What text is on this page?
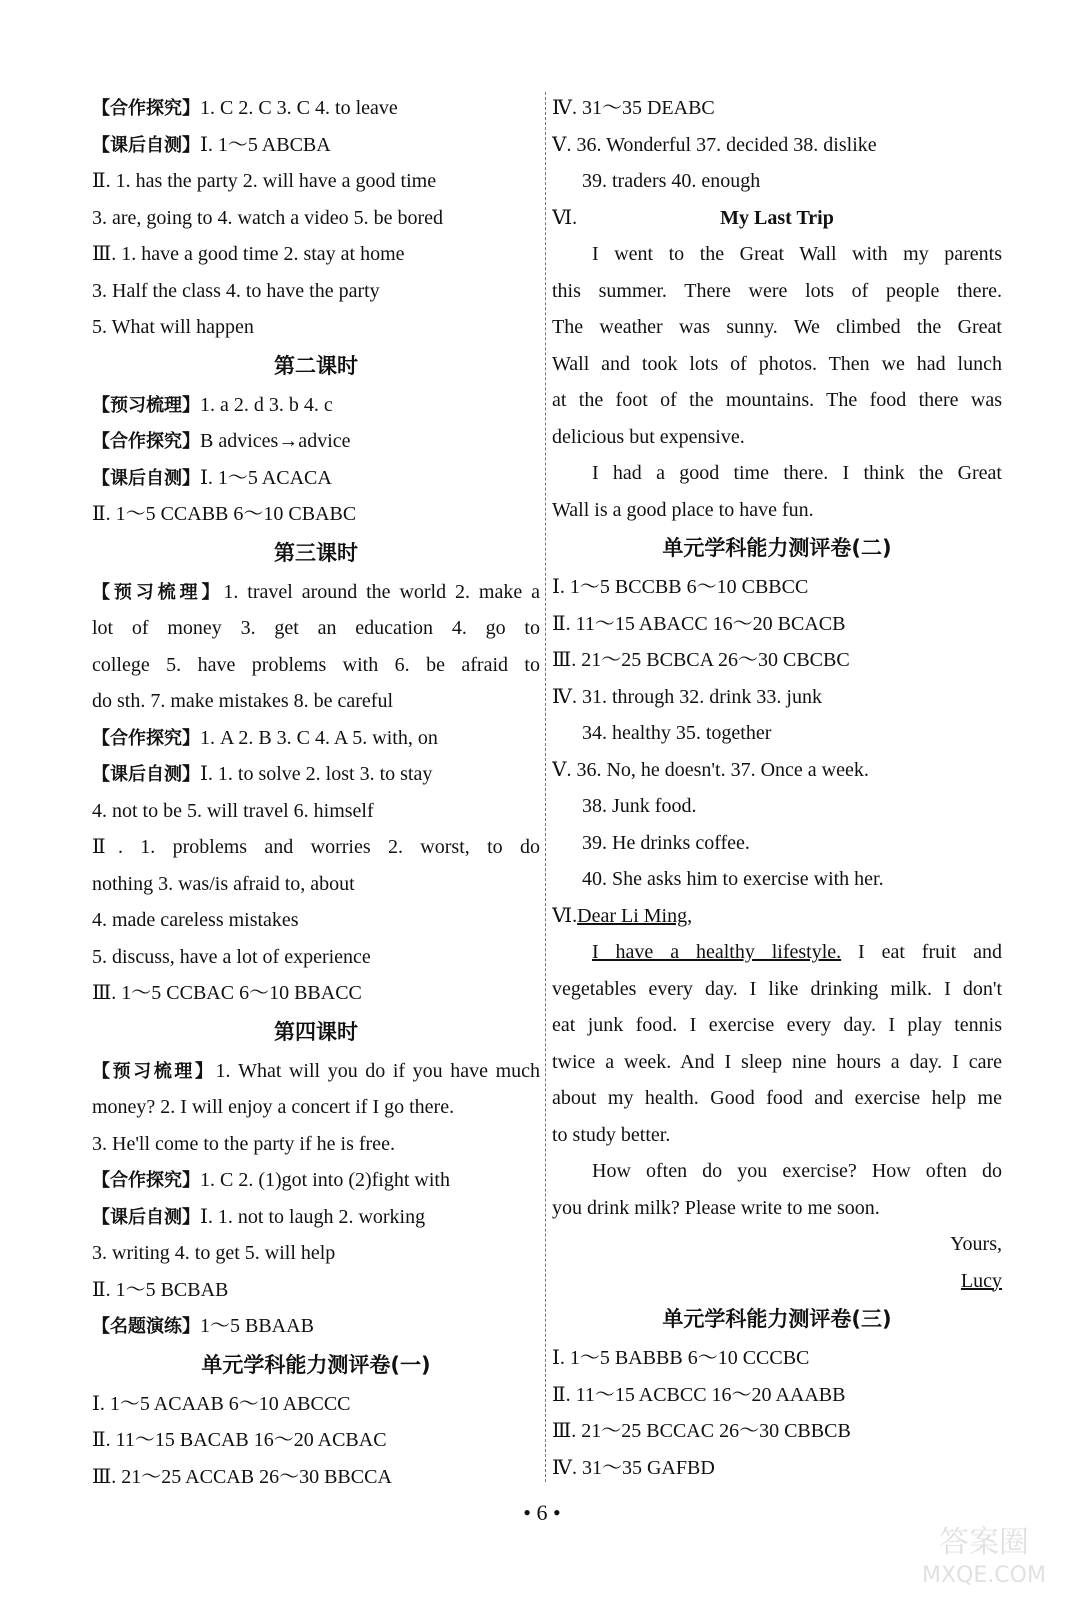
【合作探究】1. C 2. C 3. C 4. to leave
【课后自测】Ⅰ. 1～5 ABCBA
Ⅱ. 1. has the party 2. will have a good time
3. are, going to 4. watch a video 5. be bored
Ⅲ. 1. have a good time 2. stay at home
3. Half the class 4. to have the party
5. What will happen
第二课时
【预习梳理】1. a 2. d 3. b 4. c
【合作探究】B advices→advice
【课后自测】Ⅰ. 1～5 ACACA
Ⅱ. 1～5 CCABB 6～10 CBABC
第三课时
【预习梳理】1. travel around the world 2. make a
lot of money 3. get an education 4. go to
college 5. have problems with 6. be afraid to
do sth. 7. make mistakes 8. be careful
【合作探究】1. A 2. B 3. C 4. A 5. with, on
【课后自测】Ⅰ. 1. to solve 2. lost 3. to stay
4. not to be 5. will travel 6. himself
Ⅱ. 1. problems and worries 2. worst, to do
nothing 3. was/is afraid to, about
4. made careless mistakes
5. discuss, have a lot of experience
Ⅲ. 1～5 CCBAC 6～10 BBACC
第四课时
【预习梳理】1. What will you do if you have much
money? 2. I will enjoy a concert if I go there.
3. He'll come to the party if he is free.
【合作探究】1. C 2. (1)got into (2)fight with
【课后自测】Ⅰ. 1. not to laugh 2. working
3. writing 4. to get 5. will help
Ⅱ. 1～5 BCBAB
【名题演练】1～5 BBAAB
单元学科能力测评卷(一)
Ⅰ. 1～5 ACAAB 6～10 ABCCC
Ⅱ. 11～15 BACAB 16～20 ACBAC
Ⅲ. 21～25 ACCAB 26～30 BBCCA
Ⅳ. 31～35 DEABC
Ⅴ. 36. Wonderful 37. decided 38. dislike
39. traders 40. enough
Ⅵ.	My Last Trip
I went to the Great Wall with my parents
this summer. There were lots of people there.
The weather was sunny. We climbed the Great
Wall and took lots of photos. Then we had lunch
at the foot of the mountains. The food there was
delicious but expensive.
I had a good time there. I think the Great
Wall is a good place to have fun.
单元学科能力测评卷(二)
Ⅰ. 1～5 BCCBB 6～10 CBBCC
Ⅱ. 11～15 ABACC 16～20 BCACB
Ⅲ. 21～25 BCBCA 26～30 CBCBC
Ⅳ. 31. through 32. drink 33. junk
34. healthy 35. together
Ⅴ. 36. No, he doesn't. 37. Once a week.
38. Junk food.
39. He drinks coffee.
40. She asks him to exercise with her.
Ⅵ.Dear Li Ming,
I have a healthy lifestyle. I eat fruit and
vegetables every day. I like drinking milk. I don't
eat junk food. I exercise every day. I play tennis
twice a week. And I sleep nine hours a day. I care
about my health. Good food and exercise help me
to study better.
How often do you exercise? How often do
you drink milk? Please write to me soon.
Yours,
Lucy
单元学科能力测评卷(三)
Ⅰ. 1～5 BABBB 6～10 CCCBC
Ⅱ. 11～15 ACBCC 16～20 AAABB
Ⅲ. 21～25 BCCAC 26～30 CBBCB
Ⅳ. 31～35 GAFBD
• 6 •
答案圈
MXQE.COM
